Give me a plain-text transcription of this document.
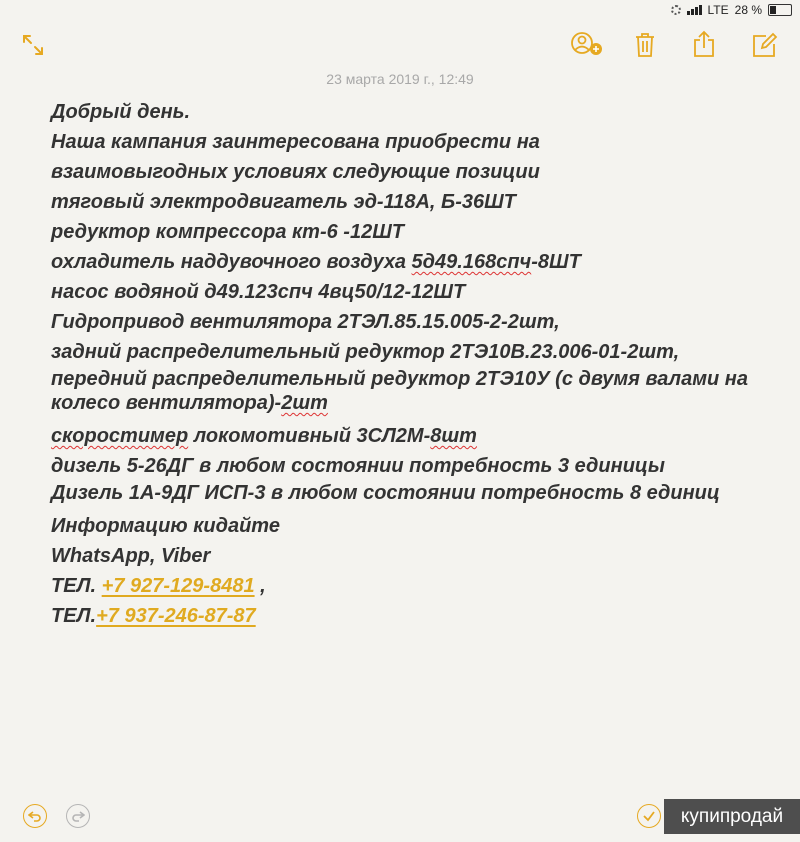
LTE 28 %
23 марта 2019 г., 12:49
Добрый день.
Наша кампания заинтересована приобрести на
взаимовыгодных условиях следующие позиции
тяговый электродвигатель эд-118А, Б-36ШТ
редуктор компрессора кт-6 -12ШТ
охладитель наддувочного воздуха 5д49.168спч-8ШТ
насос водяной д49.123спч 4вц50/12-12ШТ
Гидропривод вентилятора 2ТЭЛ.85.15.005-2-2шт,
задний распределительный редуктор 2ТЭ10В.23.006-01-2шт,
передний распределительный редуктор 2ТЭ10У (с двумя валами на колесо вентилятора)-2шт
скоростимер локомотивный 3СЛ2М-8шт
дизель 5-26ДГ в любом состоянии потребность 3 единицы
Дизель 1А-9ДГ ИСП-3 в любом состоянии потребность 8 единиц
Информацию кидайте
WhatsApp, Viber
ТЕЛ. +7 927-129-8481 ,
ТЕЛ.+7 937-246-87-87
купипродай
